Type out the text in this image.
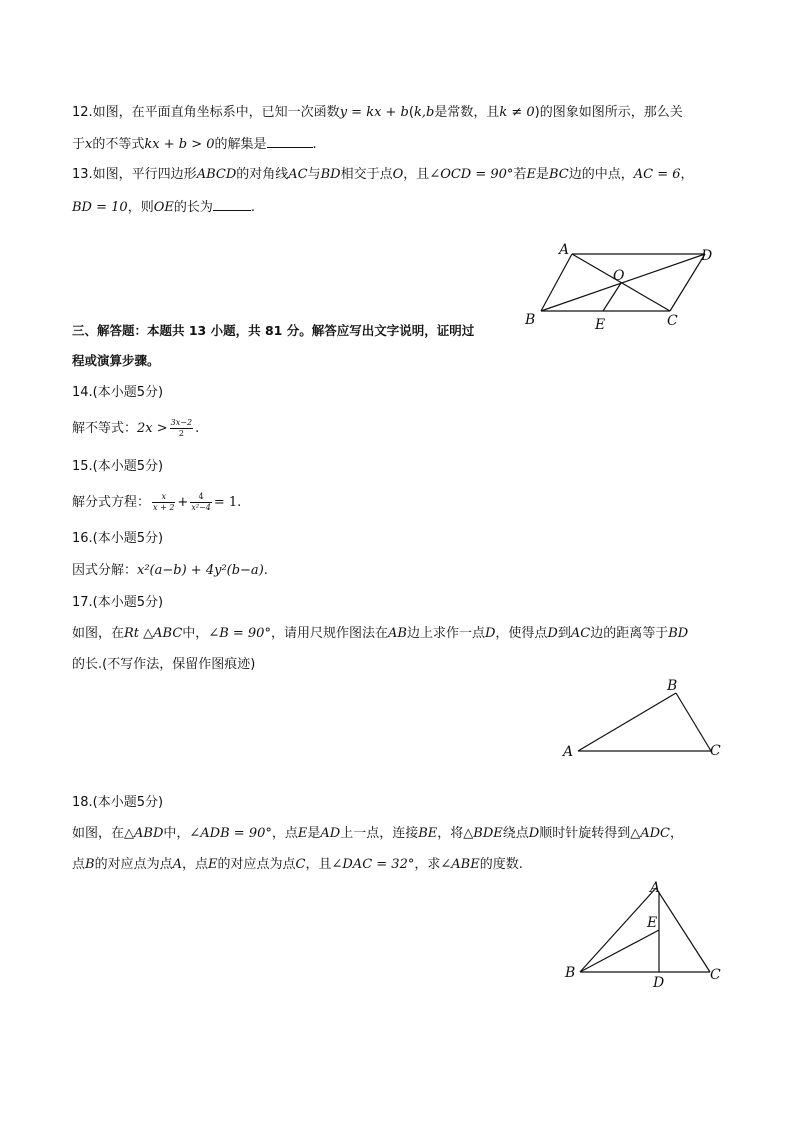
12.如图，在平面直角坐标系中，已知一次函数y = kx + b(k,b是常数，且k ≠ 0)的图象如图所示，那么关
于x的不等式kx + b > 0的解集是	.
13.如图，平行四边形ABCD的对角线AC与BD相交于点O，且∠OCD = 90°若E是BC边的中点，AC = 6，
BD = 10，则OE的长为	.
A
B	C
D
O
E
三、解答题：本题共 13 小题，共 81 分。解答应写出文字说明，证明过
程或演算步骤。
14.(本小题5分)
解不等式：$2x > \frac{3x-2}{2}$ .
15.(本小题5分)
解分式方程： $\frac{x}{x + 2} + \frac{4}{\text{x²−4}} = 1$.
16.(本小题5分)
因式分解：x²(a−b) + 4y²(b−a).
17.(本小题5分)
如图，在Rt △ABC中，∠B = 90°，请用尺规作图法在AB边上求作一点D，使得点D到AC边的距离等于BD
的长.(不写作法，保留作图痕迹)
A
B
C
18.(本小题5分)
如图，在△ABD中，∠ADB = 90°，点E是AD上一点，连接BE，将△BDE绕点D顺时针旋转得到△ADC，
点B的对应点为点A，点E的对应点为点C，且∠DAC = 32°，求∠ABE的度数.
A
B	C
D
E
